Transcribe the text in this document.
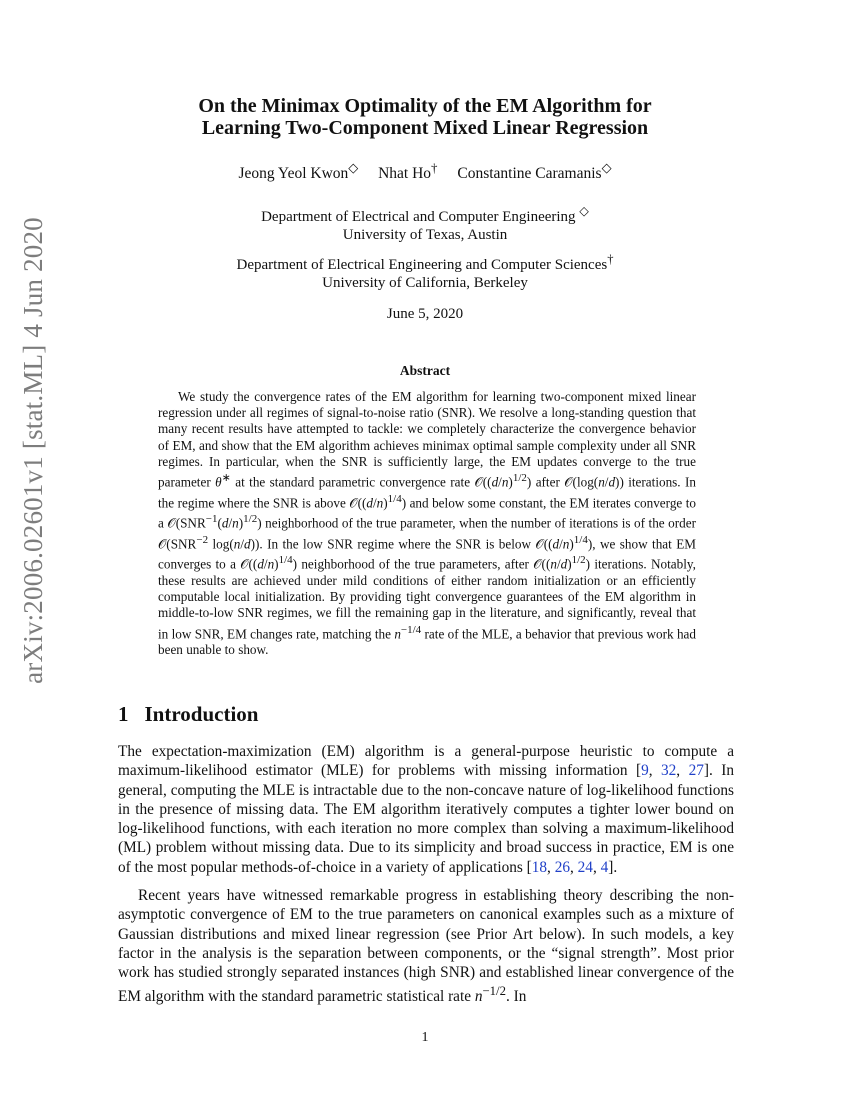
arXiv:2006.02601v1 [stat.ML] 4 Jun 2020
On the Minimax Optimality of the EM Algorithm for
Learning Two-Component Mixed Linear Regression
Jeong Yeol Kwon◇ Nhat Ho† Constantine Caramanis◇
Department of Electrical and Computer Engineering ◇
University of Texas, Austin
Department of Electrical Engineering and Computer Sciences†
University of California, Berkeley
June 5, 2020
Abstract

We study the convergence rates of the EM algorithm for learning two-component mixed linear regression under all regimes of signal-to-noise ratio (SNR). We resolve a long-standing question that many recent results have attempted to tackle: we completely characterize the convergence behavior of EM, and show that the EM algorithm achieves minimax optimal sample complexity under all SNR regimes. In particular, when the SNR is sufficiently large, the EM updates converge to the true parameter θ∗ at the standard parametric convergence rate $𝒪((d/n)^{1/2})$ after 𝒪(log(n/d)) iterations. In the regime where the SNR is above $𝒪((d/n)^{1/4})$ and below some constant, the EM iterates converge to a $𝒪(SNR^{-1}(d/n)^{1/2})$ neighborhood of the true parameter, when the number of iterations is of the order $𝒪(SNR^{-2}$ log(n/d)). In the low SNR regime where the SNR is below $𝒪((d/n)^{1/4})$, we show that EM converges to a $𝒪((d/n)^{1/4})$ neighborhood of the true parameters, after $𝒪((n/d)^{1/2})$ iterations. Notably, these results are achieved under mild conditions of either random initialization or an efficiently computable local initialization. By providing tight convergence guarantees of the EM algorithm in middle-to-low SNR regimes, we fill the remaining gap in the literature, and significantly, reveal that in low SNR, EM changes rate, matching the $n^{-1/4}$ rate of the MLE, a behavior that previous work had been unable to show.

1 Introduction

The expectation-maximization (EM) algorithm is a general-purpose heuristic to compute a maximum-likelihood estimator (MLE) for problems with missing information [9, 32, 27]. In general, computing the MLE is intractable due to the non-concave nature of log-likelihood functions in the presence of missing data. The EM algorithm iteratively computes a tighter lower bound on log-likelihood functions, with each iteration no more complex than solving a maximum-likelihood (ML) problem without missing data. Due to its simplicity and broad success in practice, EM is one of the most popular methods-of-choice in a variety of applications [18, 26, 24, 4].

Recent years have witnessed remarkable progress in establishing theory describing the non-asymptotic convergence of EM to the true parameters on canonical examples such as a mixture of Gaussian distributions and mixed linear regression (see Prior Art below). In such models, a key factor in the analysis is the separation between components, or the “signal strength”. Most prior work has studied strongly separated instances (high SNR) and established linear convergence of the EM algorithm with the standard parametric statistical rate $n^{-1/2}$. In

1
